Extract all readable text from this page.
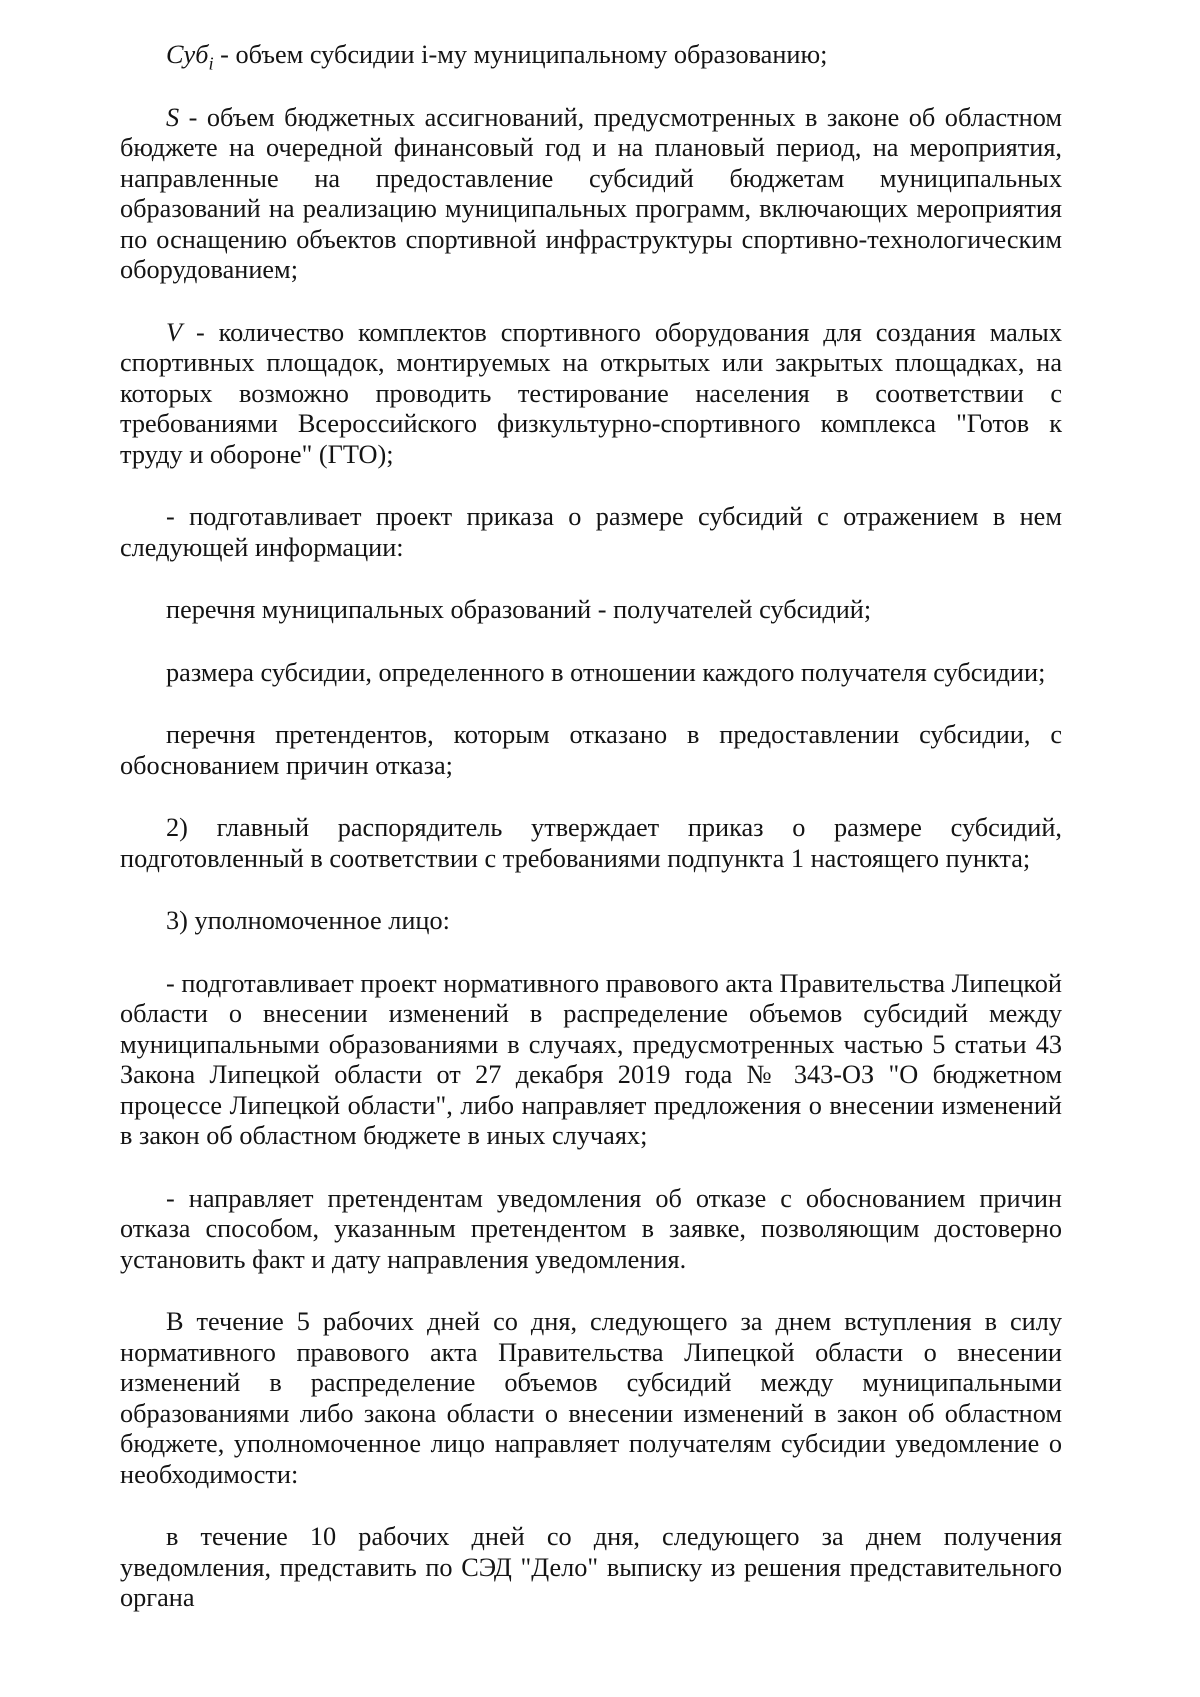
Суб$_i$ - объем субсидии i-му муниципальному образованию;

S - объем бюджетных ассигнований, предусмотренных в законе об областном бюджете на очередной финансовый год и на плановый период, на мероприятия, направленные на предоставление субсидий бюджетам муниципальных образований на реализацию муниципальных программ, включающих мероприятия по оснащению объектов спортивной инфраструктуры спортивно-технологическим оборудованием;

V - количество комплектов спортивного оборудования для создания малых спортивных площадок, монтируемых на открытых или закрытых площадках, на которых возможно проводить тестирование населения в соответствии с требованиями Всероссийского физкультурно-спортивного комплекса "Готов к труду и обороне" (ГТО);

- подготавливает проект приказа о размере субсидий с отражением в нем следующей информации:

перечня муниципальных образований - получателей субсидий;

размера субсидии, определенного в отношении каждого получателя субсидии;

перечня претендентов, которым отказано в предоставлении субсидии, с обоснованием причин отказа;

2) главный распорядитель утверждает приказ о размере субсидий, подготовленный в соответствии с требованиями подпункта 1 настоящего пункта;

3) уполномоченное лицо:

- подготавливает проект нормативного правового акта Правительства Липецкой области о внесении изменений в распределение объемов субсидий между муниципальными образованиями в случаях, предусмотренных частью 5 статьи 43 Закона Липецкой области от 27 декабря 2019 года № 343-ОЗ "О бюджетном процессе Липецкой области", либо направляет предложения о внесении изменений в закон об областном бюджете в иных случаях;

- направляет претендентам уведомления об отказе с обоснованием причин отказа способом, указанным претендентом в заявке, позволяющим достоверно установить факт и дату направления уведомления.

В течение 5 рабочих дней со дня, следующего за днем вступления в силу нормативного правового акта Правительства Липецкой области о внесении изменений в распределение объемов субсидий между муниципальными образованиями либо закона области о внесении изменений в закон об областном бюджете, уполномоченное лицо направляет получателям субсидии уведомление о необходимости:

в течение 10 рабочих дней со дня, следующего за днем получения уведомления, представить по СЭД "Дело" выписку из решения представительного органа
